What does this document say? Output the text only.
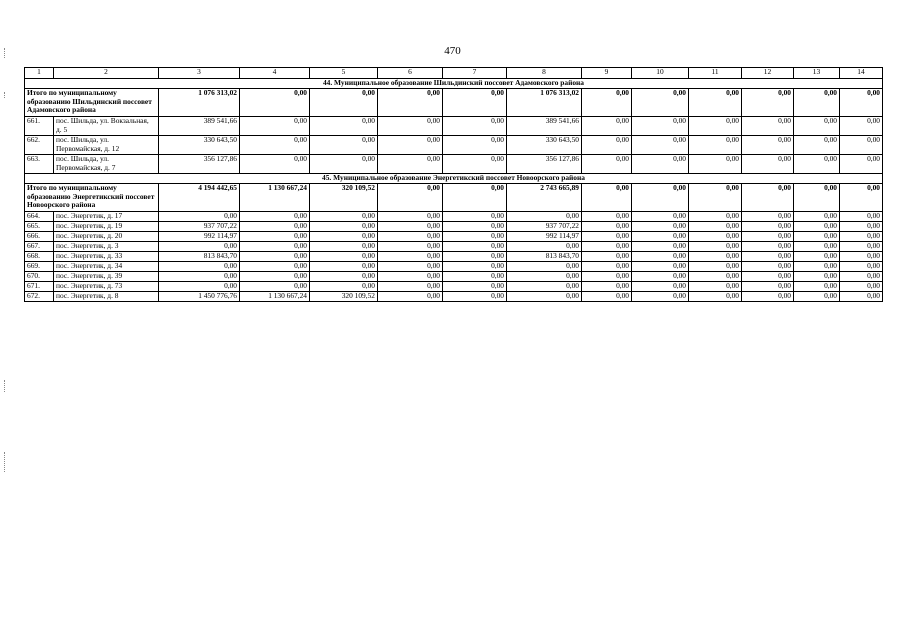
470
1	2	3	4	5	6	7	8	9	10	11	12	13	14
44. Муниципальное образование Шильдинский поссовет Адамовского района													
Итого по муниципальному образованию Шильдинский поссовет Адамовского района		1 076 313,02	0,00	0,00	0,00	0,00	1 076 313,02	0,00	0,00	0,00	0,00	0,00	0,00
661.	пос. Шильда, ул. Вокзальная, д. 5	389 541,66	0,00	0,00	0,00	0,00	389 541,66	0,00	0,00	0,00	0,00	0,00	0,00
662.	пос. Шильда, ул. Первомайская, д. 12	330 643,50	0,00	0,00	0,00	0,00	330 643,50	0,00	0,00	0,00	0,00	0,00	0,00
663.	пос. Шильда, ул. Первомайская, д. 7	356 127,86	0,00	0,00	0,00	0,00	356 127,86	0,00	0,00	0,00	0,00	0,00	0,00
45. Муниципальное образование Энергетикский поссовет Новоорского района													
Итого по муниципальному образованию Энергетикский поссовет Новоорского района		4 194 442,65	1 130 667,24	320 109,52	0,00	0,00	2 743 665,89	0,00	0,00	0,00	0,00	0,00	0,00
664.	пос. Энергетик, д. 17	0,00	0,00	0,00	0,00	0,00	0,00	0,00	0,00	0,00	0,00	0,00	0,00
665.	пос. Энергетик, д. 19	937 707,22	0,00	0,00	0,00	0,00	937 707,22	0,00	0,00	0,00	0,00	0,00	0,00
666.	пос. Энергетик, д. 20	992 114,97	0,00	0,00	0,00	0,00	992 114,97	0,00	0,00	0,00	0,00	0,00	0,00
667.	пос. Энергетик, д. 3	0,00	0,00	0,00	0,00	0,00	0,00	0,00	0,00	0,00	0,00	0,00	0,00
668.	пос. Энергетик, д. 33	813 843,70	0,00	0,00	0,00	0,00	813 843,70	0,00	0,00	0,00	0,00	0,00	0,00
669.	пос. Энергетик, д. 34	0,00	0,00	0,00	0,00	0,00	0,00	0,00	0,00	0,00	0,00	0,00	0,00
670.	пос. Энергетик, д. 39	0,00	0,00	0,00	0,00	0,00	0,00	0,00	0,00	0,00	0,00	0,00	0,00
671.	пос. Энергетик, д. 73	0,00	0,00	0,00	0,00	0,00	0,00	0,00	0,00	0,00	0,00	0,00	0,00
672.	пос. Энергетик, д. 8	1 450 776,76	1 130 667,24	320 109,52	0,00	0,00	0,00	0,00	0,00	0,00	0,00	0,00	0,00
